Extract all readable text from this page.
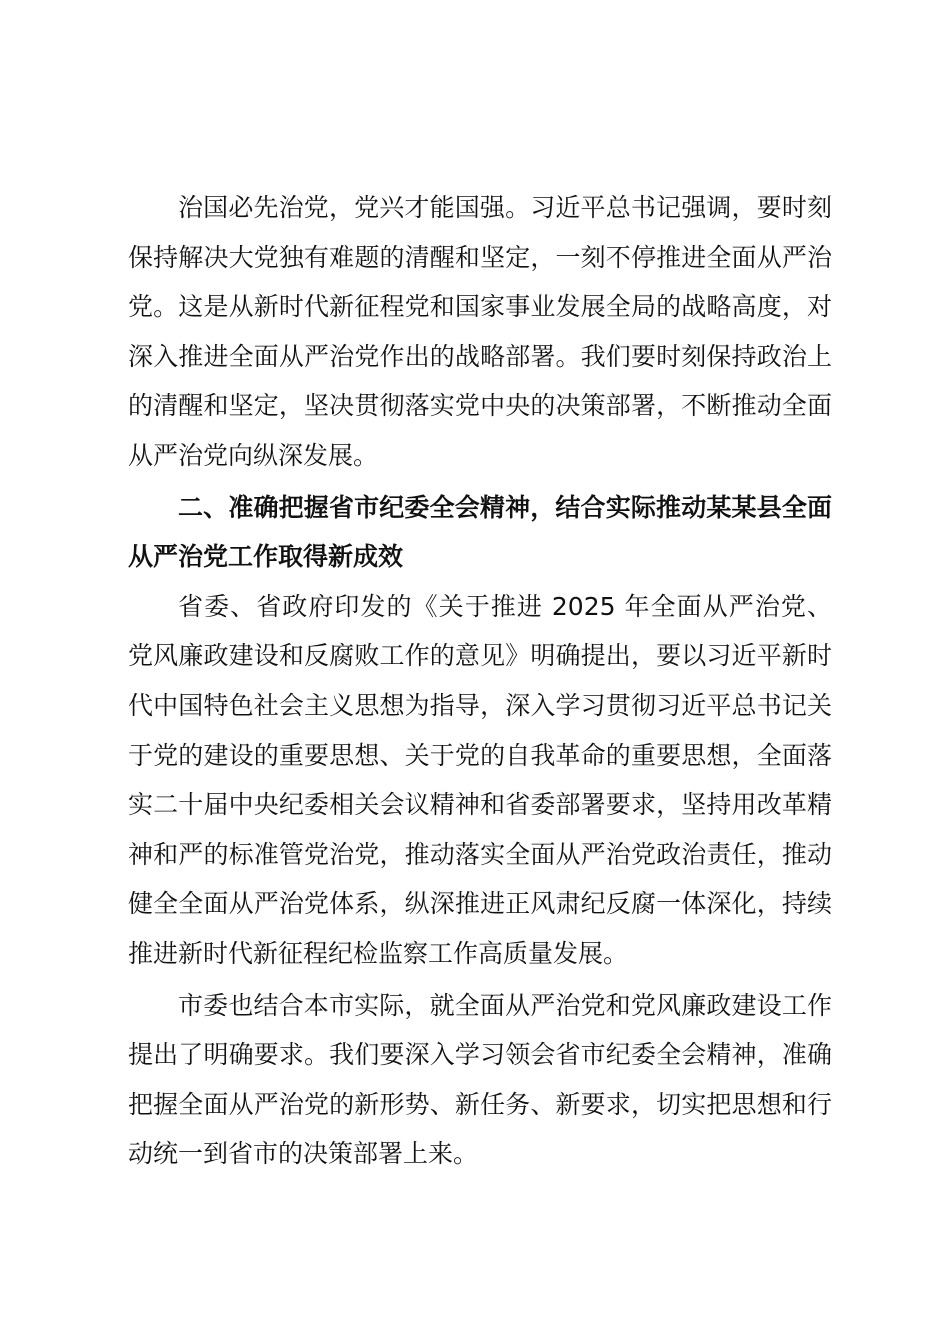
治国必先治党，党兴才能国强。习近平总书记强调，要时刻保持解决大党独有难题的清醒和坚定，一刻不停推进全面从严治党。这是从新时代新征程党和国家事业发展全局的战略高度，对深入推进全面从严治党作出的战略部署。我们要时刻保持政治上的清醒和坚定，坚决贯彻落实党中央的决策部署，不断推动全面从严治党向纵深发展。

二、准确把握省市纪委全会精神，结合实际推动某某县全面从严治党工作取得新成效

省委、省政府印发的《关于推进 2025 年全面从严治党、党风廉政建设和反腐败工作的意见》明确提出，要以习近平新时代中国特色社会主义思想为指导，深入学习贯彻习近平总书记关于党的建设的重要思想、关于党的自我革命的重要思想，全面落实二十届中央纪委相关会议精神和省委部署要求，坚持用改革精神和严的标准管党治党，推动落实全面从严治党政治责任，推动健全全面从严治党体系，纵深推进正风肃纪反腐一体深化，持续推进新时代新征程纪检监察工作高质量发展。

市委也结合本市实际，就全面从严治党和党风廉政建设工作提出了明确要求。我们要深入学习领会省市纪委全会精神，准确把握全面从严治党的新形势、新任务、新要求，切实把思想和行动统一到省市的决策部署上来。
